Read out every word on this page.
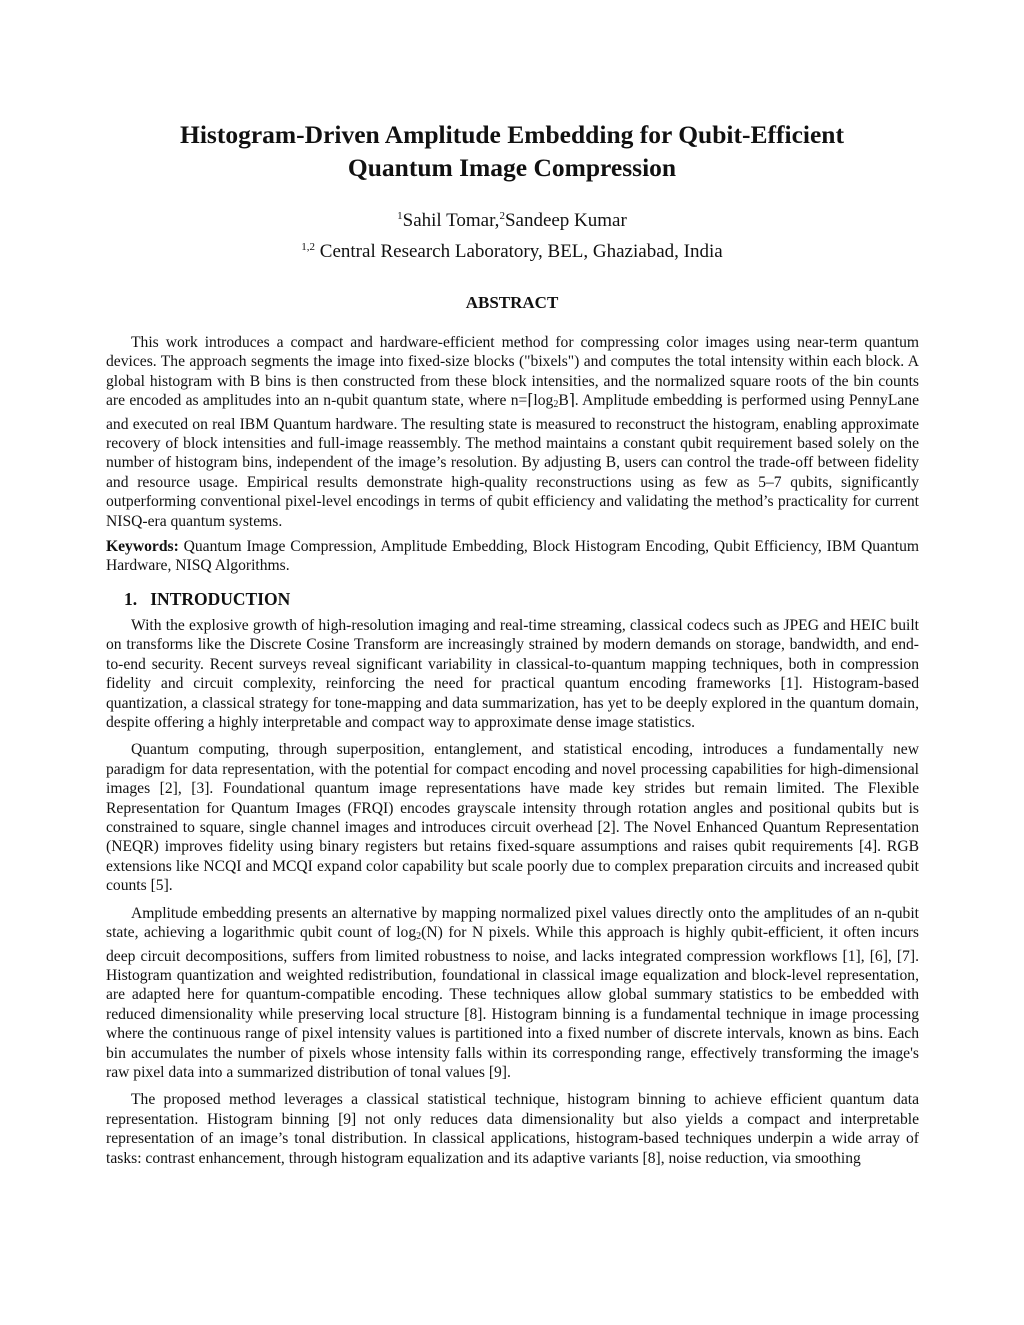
Histogram-Driven Amplitude Embedding for Qubit-Efficient
Quantum Image Compression
$^1$Sahil Tomar,$^2$Sandeep Kumar
$^{1,2}$ Central Research Laboratory, BEL, Ghaziabad, India
ABSTRACT

This work introduces a compact and hardware-efficient method for compressing color images using near-term quantum devices. The approach segments the image into fixed-size blocks ("bixels") and computes the total intensity within each block. A global histogram with B bins is then constructed from these block intensities, and the normalized square roots of the bin counts are encoded as amplitudes into an n-qubit quantum state, where $n=⌈\log_2B⌉$. Amplitude embedding is performed using PennyLane and executed on real IBM Quantum hardware. The resulting state is measured to reconstruct the histogram, enabling approximate recovery of block intensities and full-image reassembly. The method maintains a constant qubit requirement based solely on the number of histogram bins, independent of the image’s resolution. By adjusting B, users can control the trade-off between fidelity and resource usage. Empirical results demonstrate high-quality reconstructions using as few as 5–7 qubits, significantly outperforming conventional pixel-level encodings in terms of qubit efficiency and validating the method’s practicality for current NISQ-era quantum systems.

Keywords: Quantum Image Compression, Amplitude Embedding, Block Histogram Encoding, Qubit Efficiency, IBM Quantum Hardware, NISQ Algorithms.

1.   INTRODUCTION

With the explosive growth of high-resolution imaging and real-time streaming, classical codecs such as JPEG and HEIC built on transforms like the Discrete Cosine Transform are increasingly strained by modern demands on storage, bandwidth, and end-to-end security. Recent surveys reveal significant variability in classical-to-quantum mapping techniques, both in compression fidelity and circuit complexity, reinforcing the need for practical quantum encoding frameworks [1]. Histogram-based quantization, a classical strategy for tone-mapping and data summarization, has yet to be deeply explored in the quantum domain, despite offering a highly interpretable and compact way to approximate dense image statistics.

Quantum computing, through superposition, entanglement, and statistical encoding, introduces a fundamentally new paradigm for data representation, with the potential for compact encoding and novel processing capabilities for high-dimensional images [2], [3]. Foundational quantum image representations have made key strides but remain limited. The Flexible Representation for Quantum Images (FRQI) encodes grayscale intensity through rotation angles and positional qubits but is constrained to square, single channel images and introduces circuit overhead [2]. The Novel Enhanced Quantum Representation (NEQR) improves fidelity using binary registers but retains fixed-square assumptions and raises qubit requirements [4]. RGB extensions like NCQI and MCQI expand color capability but scale poorly due to complex preparation circuits and increased qubit counts [5].

Amplitude embedding presents an alternative by mapping normalized pixel values directly onto the amplitudes of an n-qubit state, achieving a logarithmic qubit count of $\log_2(N)$ for N pixels. While this approach is highly qubit-efficient, it often incurs deep circuit decompositions, suffers from limited robustness to noise, and lacks integrated compression workflows [1], [6], [7]. Histogram quantization and weighted redistribution, foundational in classical image equalization and block-level representation, are adapted here for quantum-compatible encoding. These techniques allow global summary statistics to be embedded with reduced dimensionality while preserving local structure [8]. Histogram binning is a fundamental technique in image processing where the continuous range of pixel intensity values is partitioned into a fixed number of discrete intervals, known as bins. Each bin accumulates the number of pixels whose intensity falls within its corresponding range, effectively transforming the image's raw pixel data into a summarized distribution of tonal values [9].

The proposed method leverages a classical statistical technique, histogram binning to achieve efficient quantum data representation. Histogram binning [9] not only reduces data dimensionality but also yields a compact and interpretable representation of an image’s tonal distribution. In classical applications, histogram-based techniques underpin a wide array of tasks: contrast enhancement, through histogram equalization and its adaptive variants [8], noise reduction, via smoothing
